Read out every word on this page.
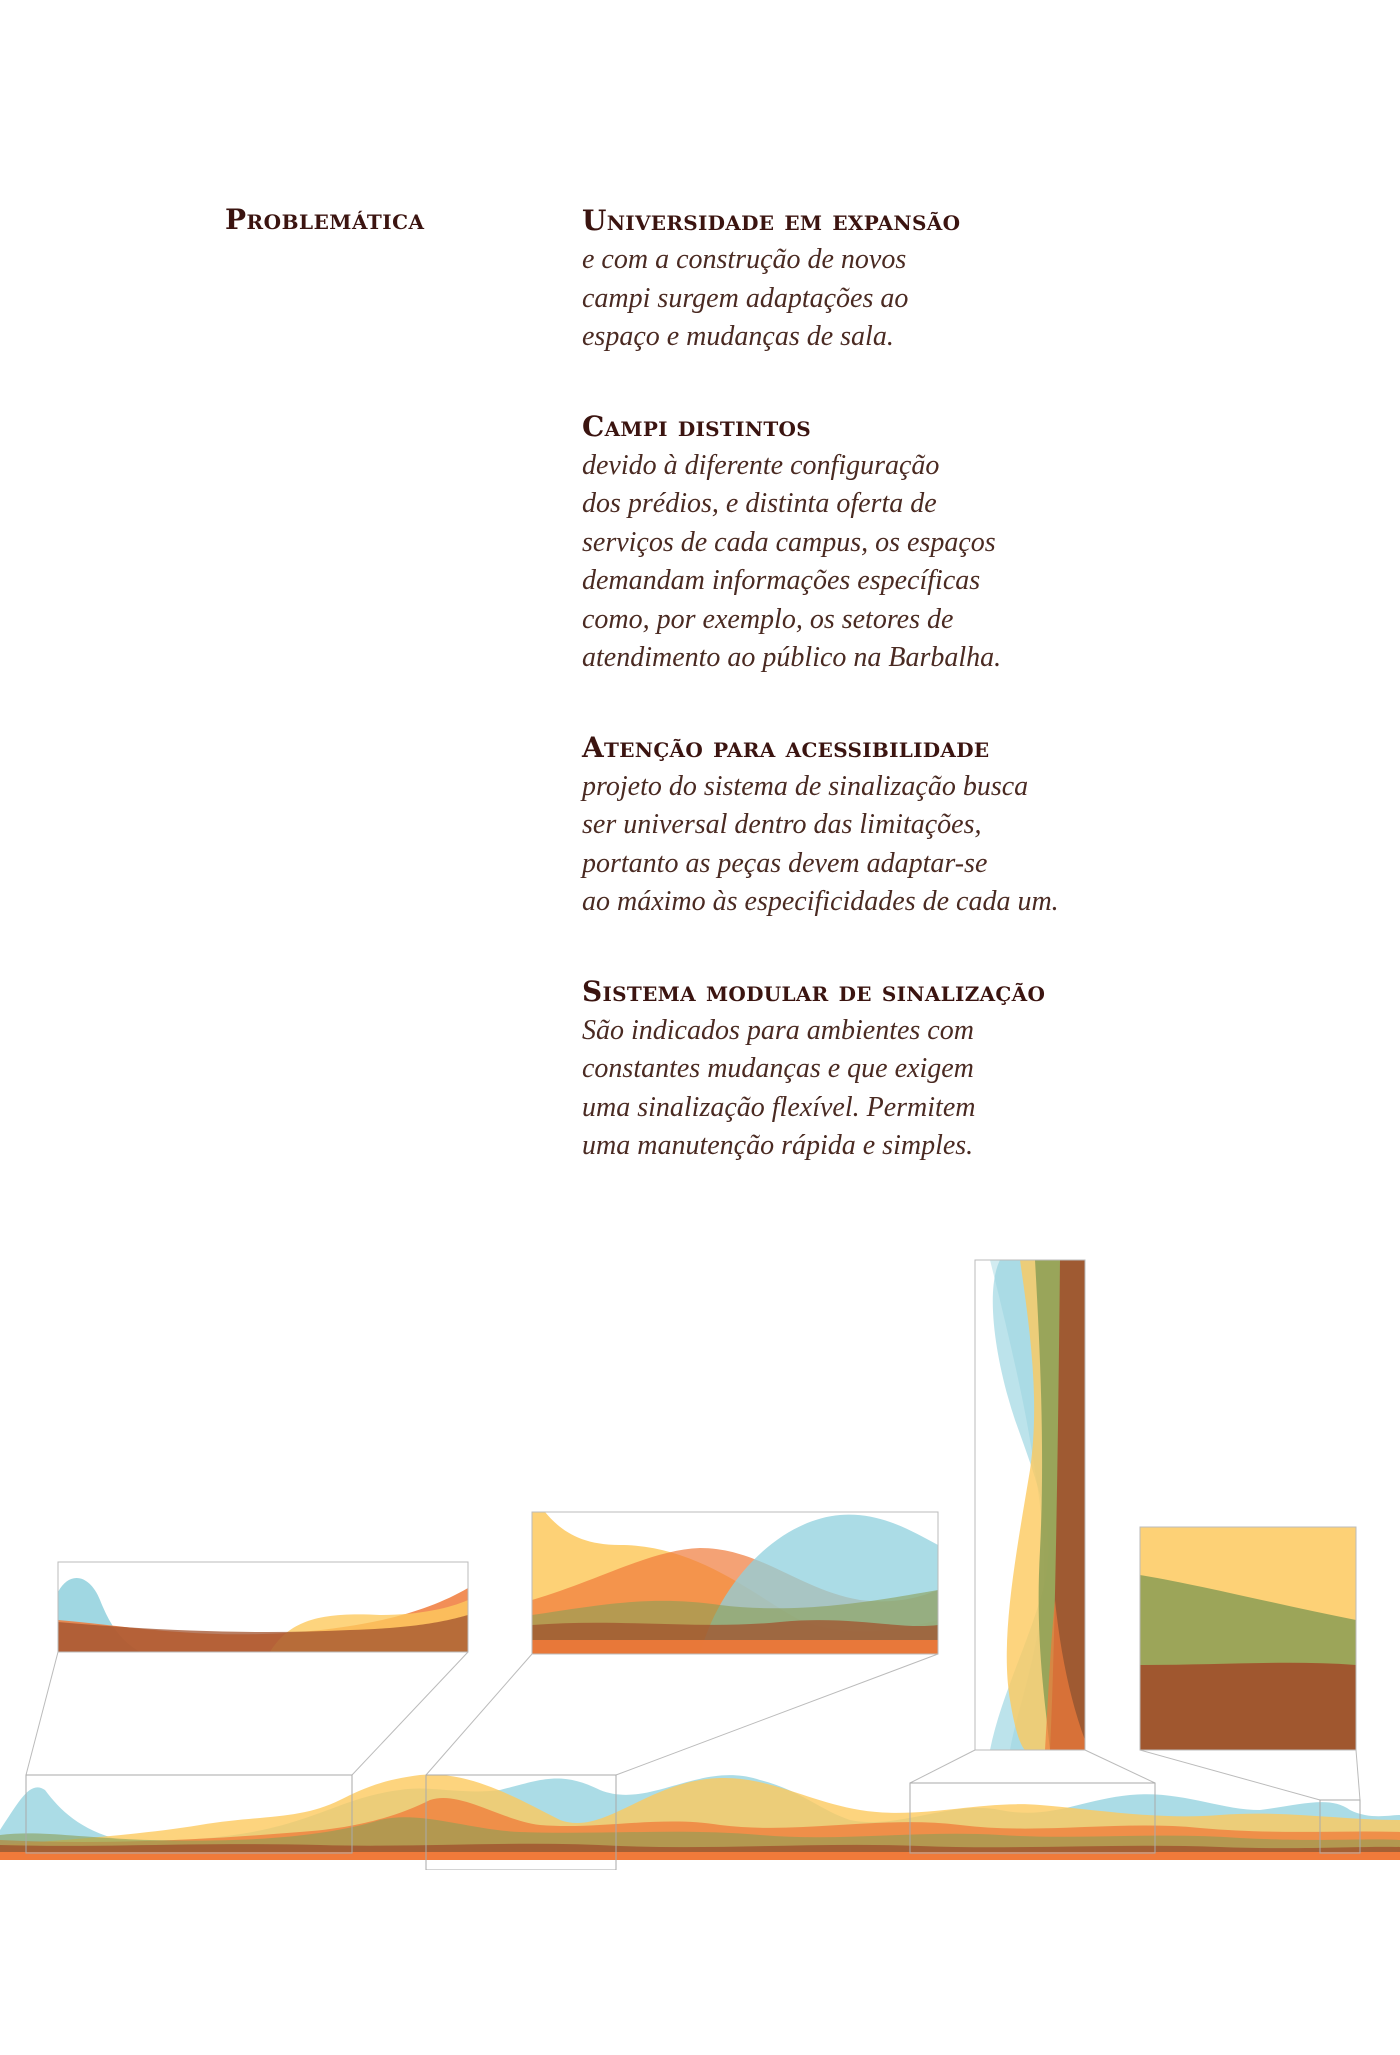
Problemática	Universidade em expansão

e com a construção de novos

campi surgem adaptações ao

espaço e mudanças de sala.

Campi distintos

devido à diferente configuração

dos prédios, e distinta oferta de

serviços de cada campus, os espaços

demandam informações específicas

como, por exemplo, os setores de

atendimento ao público na Barbalha.

Atenção para acessibilidade

projeto do sistema de sinalização busca

ser universal dentro das limitações,

portanto as peças devem adaptar-se

ao máximo às especificidades de cada um.

Sistema modular de sinalização

São indicados para ambientes com

constantes mudanças e que exigem

uma sinalização flexível. Permitem

uma manutenção rápida e simples.
